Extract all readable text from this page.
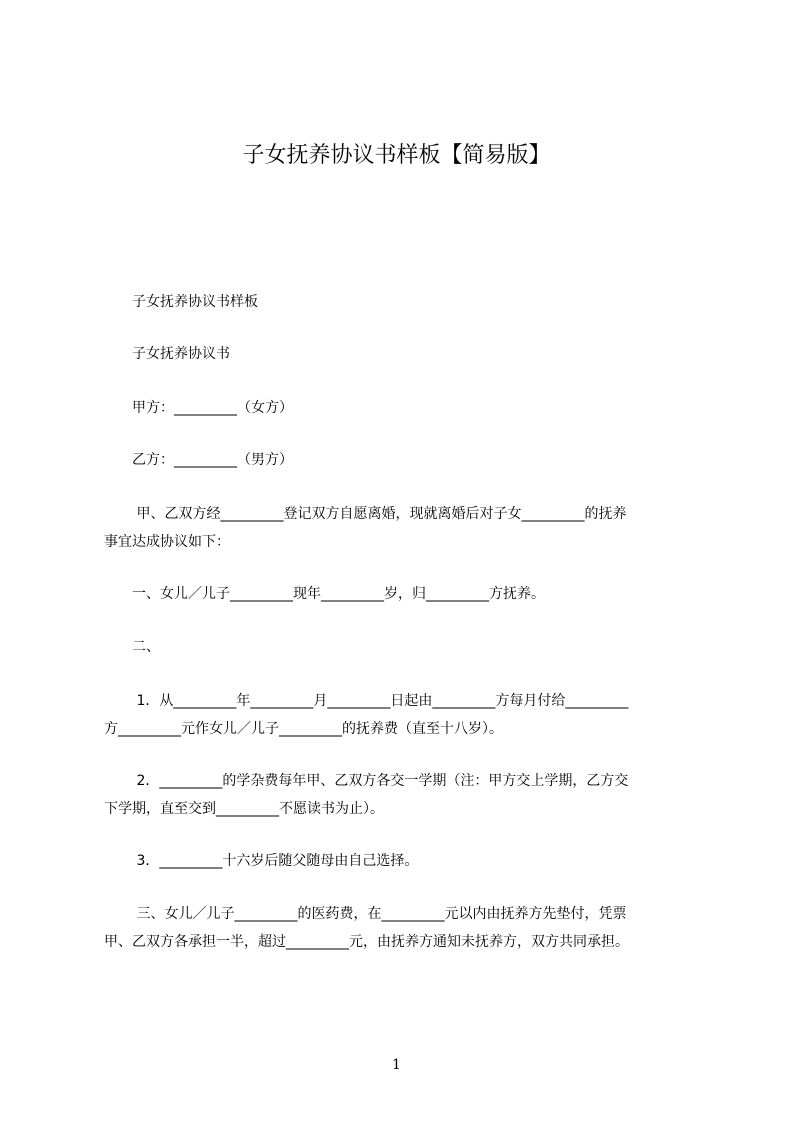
子女抚养协议书样板【简易版】
　　子女抚养协议书样板
　　子女抚养协议书
　　甲方：_________（女方）
　　乙方：_________（男方）
　　 甲、乙双方经_________登记双方自愿离婚，现就离婚后对子女_________的抚养
事宜达成协议如下：
　　一、女儿／儿子_________现年_________岁，归_________方抚养。
　　二、
　　 1．从_________年_________月_________日起由_________方每月付给_________
方_________元作女儿／儿子_________的抚养费（直至十八岁）。
　　 2．_________的学杂费每年甲、乙双方各交一学期（注：甲方交上学期，乙方交
下学期，直至交到_________不愿读书为止）。
　　 3．_________十六岁后随父随母由自己选择。
　　 三、女儿／儿子_________的医药费，在_________元以内由抚养方先垫付，凭票
甲、乙双方各承担一半，超过_________元，由抚养方通知未抚养方，双方共同承担。
1
